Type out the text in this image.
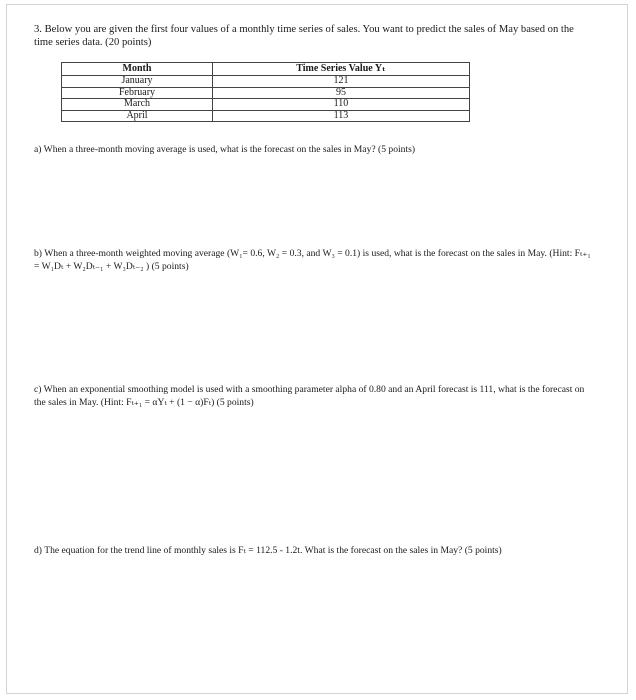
3. Below you are given the first four values of a monthly time series of sales. You want to predict the sales of May based on the time series data. (20 points)
Month	Time Series Value Yₜ
January	121
February	95
March	110
April	113
a) When a three-month moving average is used, what is the forecast on the sales in May? (5 points)
b) When a three-month weighted moving average (W₁= 0.6, W₂ = 0.3, and W₃ = 0.1) is used, what is the forecast on the sales in May. (Hint: Fₜ₊₁ = W₁Dₜ + W₂Dₜ₋₁ + W₃Dₜ₋₂ ) (5 points)
c) When an exponential smoothing model is used with a smoothing parameter alpha of 0.80 and an April forecast is 111, what is the forecast on the sales in May. (Hint: Fₜ₊₁ = αYₜ + (1 − α)Fₜ) (5 points)
d) The equation for the trend line of monthly sales is Fₜ = 112.5 - 1.2t. What is the forecast on the sales in May? (5 points)
